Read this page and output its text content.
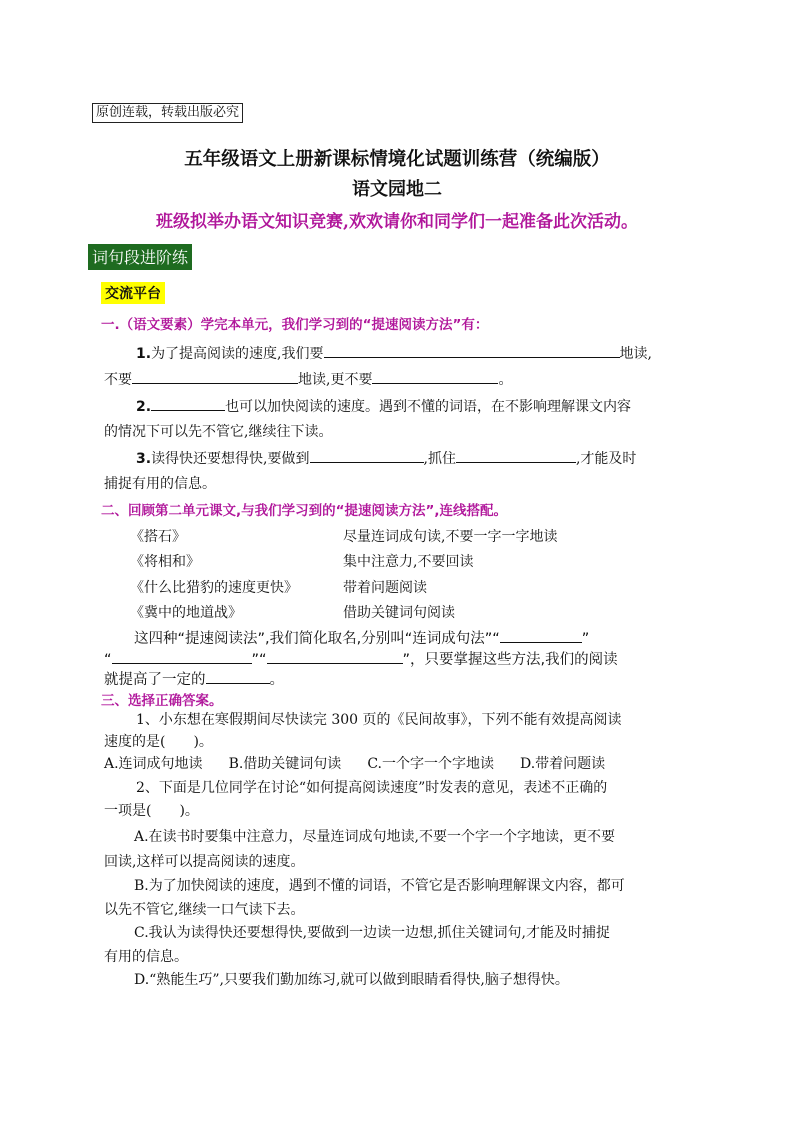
原创连载，转载出版必究
五年级语文上册新课标情境化试题训练营（统编版）
语文园地二
班级拟举办语文知识竞赛,欢欢请你和同学们一起准备此次活动。
词句段进阶练
交流平台
一.（语文要素）学完本单元，我们学习到的“提速阅读方法”有：
1.为了提高阅读的速度,我们要	地读,
不要	地读,更不要	。
2.	也可以加快阅读的速度。遇到不懂的词语，在不影响理解课文内容
的情况下可以先不管它,继续往下读。
3.读得快还要想得快,要做到	,抓住	,才能及时
捕捉有用的信息。
二、回顾第二单元课文,与我们学习到的“提速阅读方法”,连线搭配。
《搭石》	尽量连词成句读,不要一字一字地读
《将相和》	集中注意力,不要回读
《什么比猎豹的速度更快》	带着问题阅读
《冀中的地道战》	借助关键词句阅读
这四种“提速阅读法”,我们简化取名,分别叫“连词成句法”“	”
“	”“	”，只要掌握这些方法,我们的阅读
就提高了一定的	。
三、选择正确答案。
1、小东想在寒假期间尽快读完 300 页的《民间故事》，下列不能有效提高阅读
速度的是(　　)。
A.连词成句地读 B.借助关键词句读 C.一个字一个字地读 D.带着问题读
2、下面是几位同学在讨论“如何提高阅读速度”时发表的意见，表述不正确的
一项是(　　)。
A.在读书时要集中注意力，尽量连词成句地读,不要一个字一个字地读，更不要
回读,这样可以提高阅读的速度。
B.为了加快阅读的速度，遇到不懂的词语，不管它是否影响理解课文内容，都可
以先不管它,继续一口气读下去。
C.我认为读得快还要想得快,要做到一边读一边想,抓住关键词句,才能及时捕捉
有用的信息。
D.“熟能生巧”,只要我们勤加练习,就可以做到眼睛看得快,脑子想得快。
